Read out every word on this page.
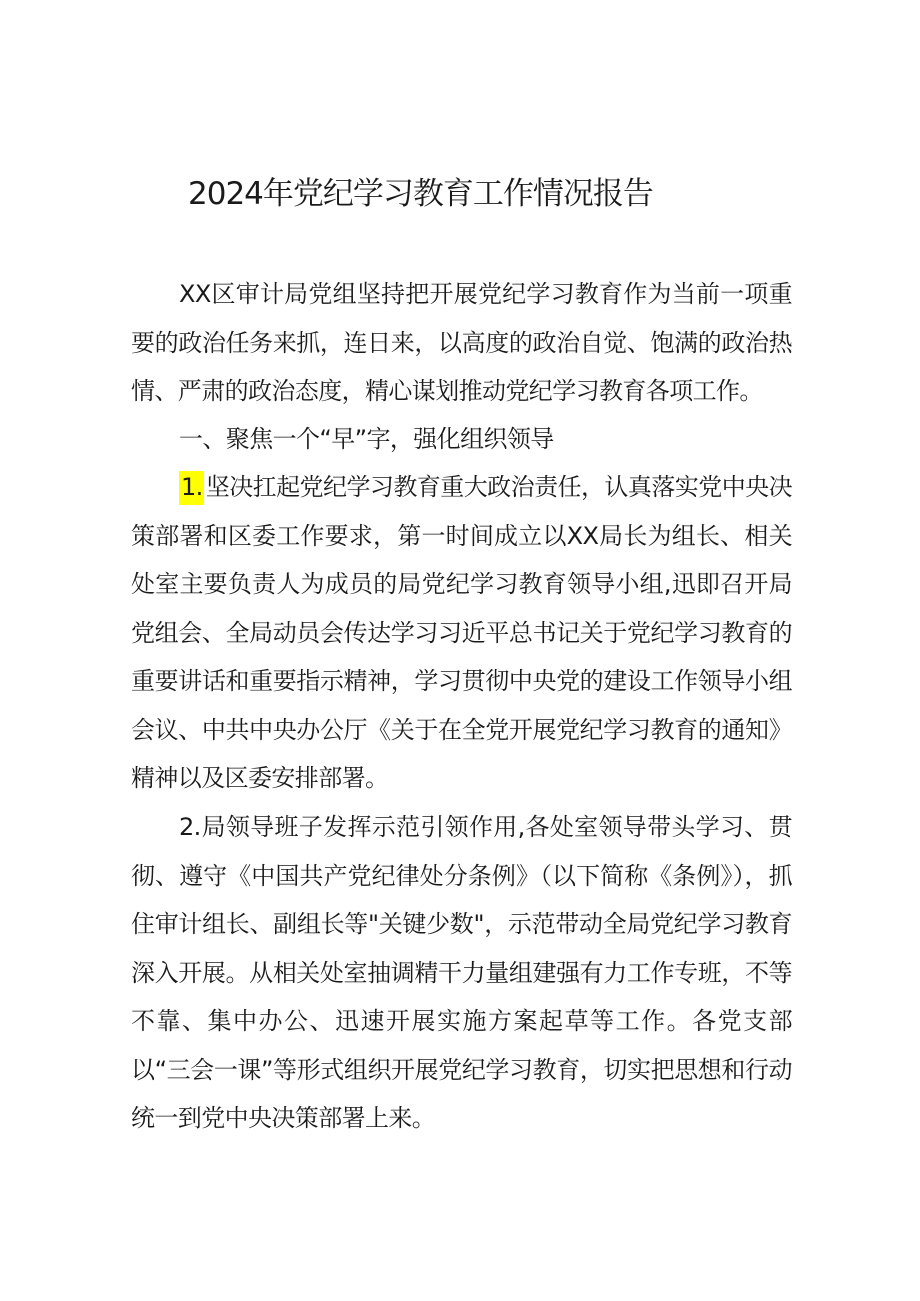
2024年党纪学习教育工作情况报告
XX区审计局党组坚持把开展党纪学习教育作为当前一项重要的政治任务来抓，连日来，以高度的政治自觉、饱满的政治热情、严肃的政治态度，精心谋划推动党纪学习教育各项工作。
一、聚焦一个“早”字，强化组织领导
1. 坚决扛起党纪学习教育重大政治责任，认真落实党中央决策部署和区委工作要求，第一时间成立以XX局长为组长、相关处室主要负责人为成员的局党纪学习教育领导小组,迅即召开局党组会、全局动员会传达学习习近平总书记关于党纪学习教育的重要讲话和重要指示精神，学习贯彻中央党的建设工作领导小组会议、中共中央办公厅《关于在全党开展党纪学习教育的通知》精神以及区委安排部署。
2.局领导班子发挥示范引领作用,各处室领导带头学习、贯彻、遵守《中国共产党纪律处分条例》（以下简称《条例》），抓住审计组长、副组长等"关键少数"，示范带动全局党纪学习教育深入开展。从相关处室抽调精干力量组建强有力工作专班，不等不靠、集中办公、迅速开展实施方案起草等工作。各党支部以“三会一课”等形式组织开展党纪学习教育，切实把思想和行动统一到党中央决策部署上来。
